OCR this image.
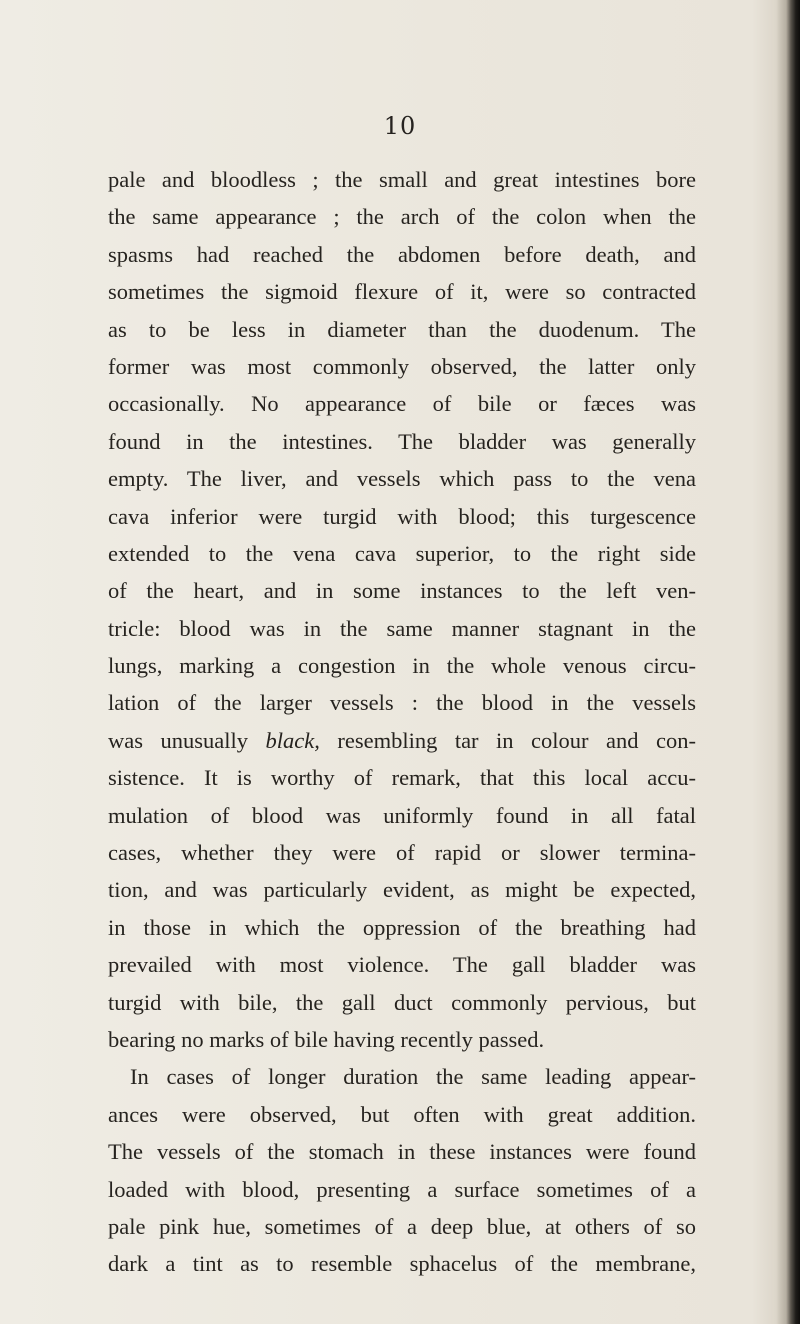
10

pale and bloodless ; the small and great intestines bore
the same appearance ; the arch of the colon when the
spasms had reached the abdomen before death, and
sometimes the sigmoid flexure of it, were so contracted
as to be less in diameter than the duodenum. The
former was most commonly observed, the latter only
occasionally. No appearance of bile or fæces was
found in the intestines. The bladder was generally
empty. The liver, and vessels which pass to the vena
cava inferior were turgid with blood; this turgescence
extended to the vena cava superior, to the right side
of the heart, and in some instances to the left ven-
tricle: blood was in the same manner stagnant in the
lungs, marking a congestion in the whole venous circu-
lation of the larger vessels : the blood in the vessels
was unusually black, resembling tar in colour and con-
sistence. It is worthy of remark, that this local accu-
mulation of blood was uniformly found in all fatal
cases, whether they were of rapid or slower termina-
tion, and was particularly evident, as might be expected,
in those in which the oppression of the breathing had
prevailed with most violence. The gall bladder was
turgid with bile, the gall duct commonly pervious, but
bearing no marks of bile having recently passed.
In cases of longer duration the same leading appear-
ances were observed, but often with great addition.
The vessels of the stomach in these instances were found
loaded with blood, presenting a surface sometimes of a
pale pink hue, sometimes of a deep blue, at others of so
dark a tint as to resemble sphacelus of the membrane,
